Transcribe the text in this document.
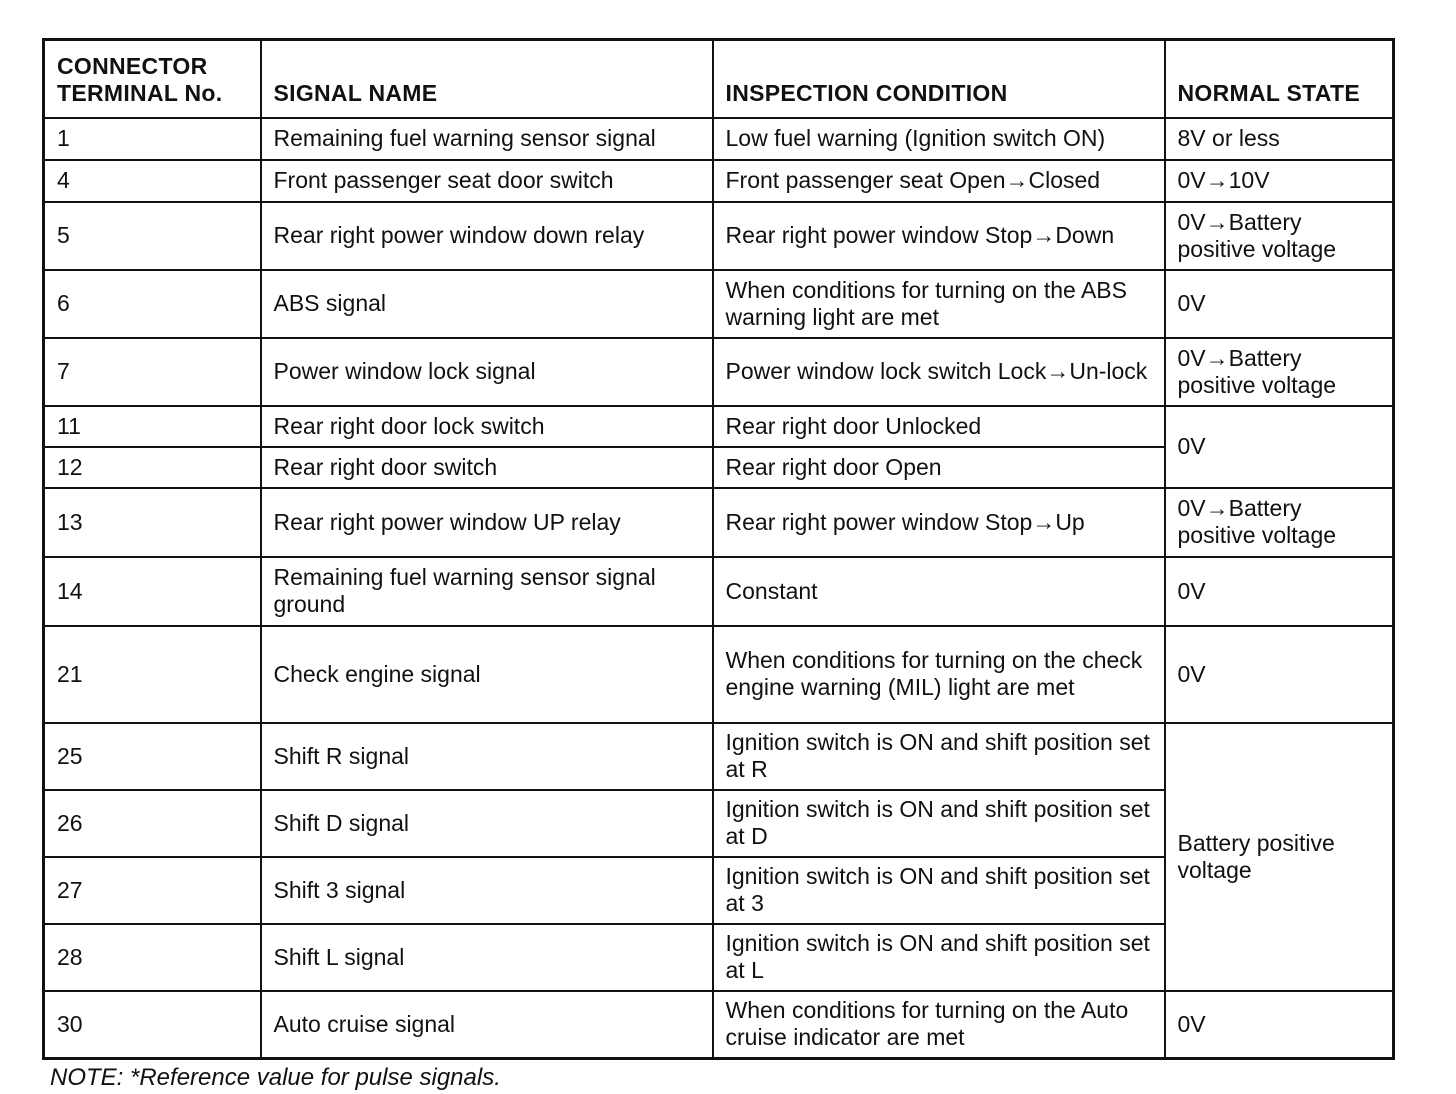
CONNECTOR TERMINAL No.	SIGNAL NAME	INSPECTION CONDITION	NORMAL STATE
1	Remaining fuel warning sensor signal	Low fuel warning (Ignition switch ON)	8V or less
4	Front passenger seat door switch	Front passenger seat Open→Closed	0V→10V
5	Rear right power window down relay	Rear right power window Stop→Down	0V→Battery positive voltage
6	ABS signal	When conditions for turning on the ABS warning light are met	0V
7	Power window lock signal	Power window lock switch Lock→Un-lock	0V→Battery positive voltage
11	Rear right door lock switch	Rear right door Unlocked	0V
12	Rear right door switch	Rear right door Open	
13	Rear right power window UP relay	Rear right power window Stop→Up	0V→Battery positive voltage
14	Remaining fuel warning sensor signal ground	Constant	0V
21	Check engine signal	When conditions for turning on the check engine warning (MIL) light are met	0V
25	Shift R signal	Ignition switch is ON and shift position set at R	Battery positive voltage
26	Shift D signal	Ignition switch is ON and shift position set at D	
27	Shift 3 signal	Ignition switch is ON and shift position set at 3	
28	Shift L signal	Ignition switch is ON and shift position set at L	
30	Auto cruise signal	When conditions for turning on the Auto cruise indicator are met	0V
NOTE: *Reference value for pulse signals.
